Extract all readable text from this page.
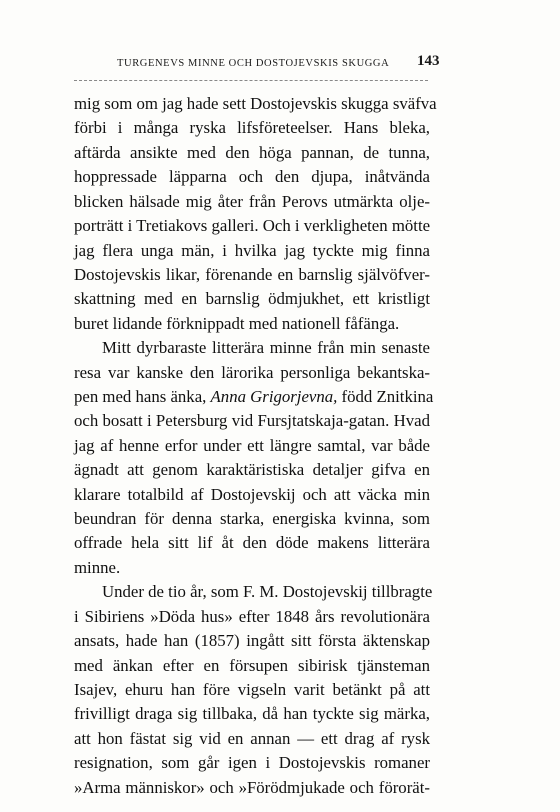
TURGENEVS MINNE OCH DOSTOJEVSKIS SKUGGA	143
mig som om jag hade sett Dostojevskis skugga sväfva
förbi i många ryska lifsföreteelser. Hans bleka,
aftärda ansikte med den höga pannan, de tunna,
hoppressade läpparna och den djupa, inåtvända
blicken hälsade mig åter från Perovs utmärkta olje-
porträtt i Tretiakovs galleri. Och i verkligheten mötte
jag flera unga män, i hvilka jag tyckte mig finna
Dostojevskis likar, förenande en barnslig självöfver-
skattning med en barnslig ödmjukhet, ett kristligt
buret lidande förknippadt med nationell fåfänga.
Mitt dyrbaraste litterära minne från min senaste
resa var kanske den lärorika personliga bekantska-
pen med hans änka, Anna Grigorjevna, född Znitkina
och bosatt i Petersburg vid Fursjtatskaja-gatan. Hvad
jag af henne erfor under ett längre samtal, var både
ägnadt att genom karaktäristiska detaljer gifva en
klarare totalbild af Dostojevskij och att väcka min
beundran för denna starka, energiska kvinna, som
offrade hela sitt lif åt den döde makens litterära
minne.
Under de tio år, som F. M. Dostojevskij tillbragte
i Sibiriens »Döda hus» efter 1848 års revolutionära
ansats, hade han (1857) ingått sitt första äktenskap
med änkan efter en försupen sibirisk tjänsteman
Isajev, ehuru han före vigseln varit betänkt på att
frivilligt draga sig tillbaka, då han tyckte sig märka,
att hon fästat sig vid en annan — ett drag af rysk
resignation, som går igen i Dostojevskis romaner
»Arma människor» och »Förödmjukade och förorät-
